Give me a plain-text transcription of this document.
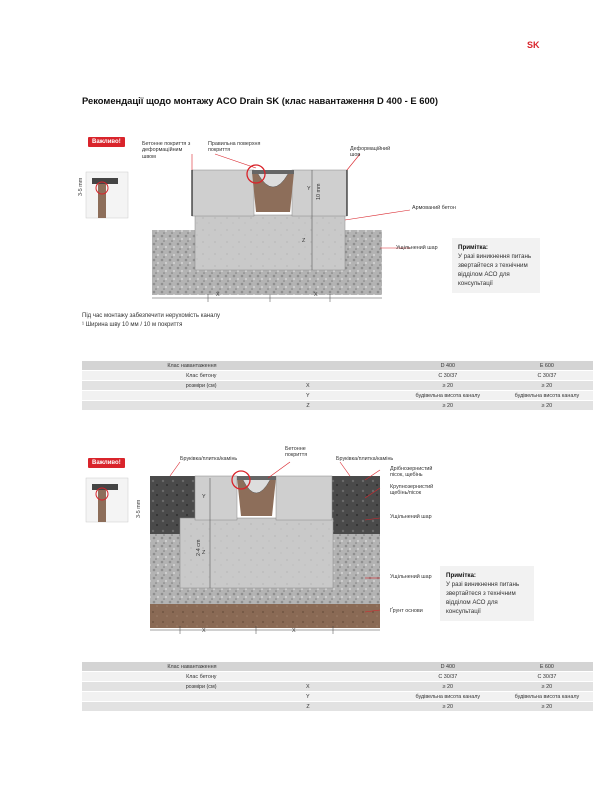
SK
Рекомендації щодо монтажу ACO Drain SK (клас навантаження D 400 - E 600)
Важливо!	Бетонне покриття з деформаційним швом
Правильна поверхня покриття	Деформаційний шов
Армований бетон
Ущільнений шар
3-5 mm	Y
Z
10 mm
X	X
Примітка:
У разі виникнення питань звертайтеся з технічним відділом АСО для консультації
Під час монтажу забезпечити нерухомість каналу
¹ Ширина шву 10 мм / 10 м покриття
Клас навантаження			D 400	E 600
Клас бетону			C 30/37	C 30/37
розміри (см)	X		≥ 20	≥ 20
	Y		будівельна висота каналу	будівельна висота каналу
	Z		≥ 20	≥ 20
Важливо!
Бруківка/плитка/камінь
Бетонне покриття
Бруківка/плитка/камінь
Дрібнозернистий пісок, щебінь
Крупнозернистий щебінь/пісок
Ущільнений шар
Ущільнений шар
Ґрунт основи
3-5 mm
Y
Z
2-4 cm
X	X
Примітка:
У разі виникнення питань звертайтеся з технічним відділом АСО для консультації
Клас навантаження			D 400	E 600
Клас бетону			C 30/37	C 30/37
розміри (см)	X		≥ 20	≥ 20
	Y		будівельна висота каналу	будівельна висота каналу
	Z		≥ 20	≥ 20
